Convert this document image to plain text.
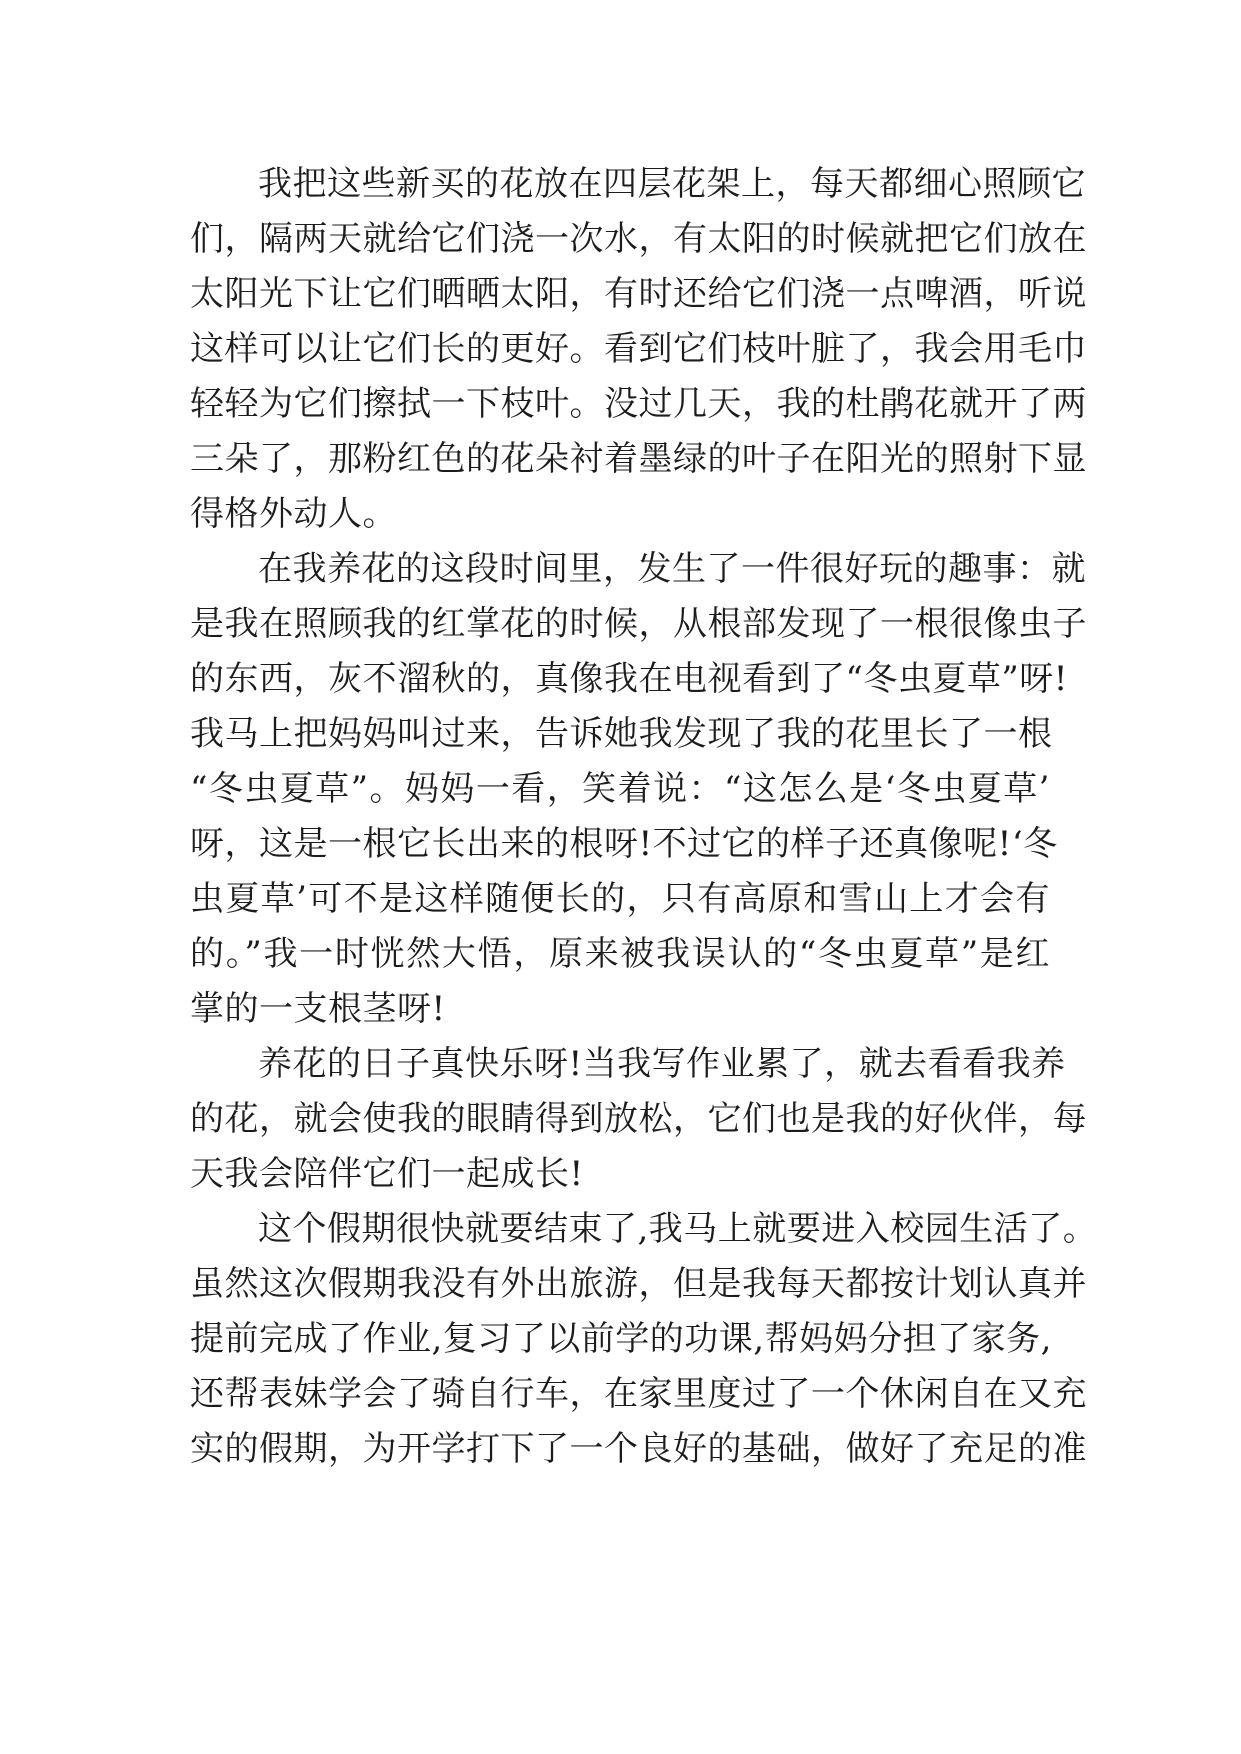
我把这些新买的花放在四层花架上，每天都细心照顾它
们，隔两天就给它们浇一次水，有太阳的时候就把它们放在
太阳光下让它们晒晒太阳，有时还给它们浇一点啤酒，听说
这样可以让它们长的更好。看到它们枝叶脏了，我会用毛巾
轻轻为它们擦拭一下枝叶。没过几天，我的杜鹃花就开了两
三朵了，那粉红色的花朵衬着墨绿的叶子在阳光的照射下显
得格外动人。
在我养花的这段时间里，发生了一件很好玩的趣事：就
是我在照顾我的红掌花的时候，从根部发现了一根很像虫子
的东西，灰不溜秋的，真像我在电视看到了“冬虫夏草”呀!
我马上把妈妈叫过来，告诉她我发现了我的花里长了一根
“冬虫夏草”。妈妈一看，笑着说：“这怎么是‘冬虫夏草’
呀，这是一根它长出来的根呀!不过它的样子还真像呢!‘冬
虫夏草’可不是这样随便长的，只有高原和雪山上才会有
的。”我一时恍然大悟，原来被我误认的“冬虫夏草”是红
掌的一支根茎呀!
养花的日子真快乐呀!当我写作业累了，就去看看我养
的花，就会使我的眼睛得到放松，它们也是我的好伙伴，每
天我会陪伴它们一起成长!
这个假期很快就要结束了,我马上就要进入校园生活了。
虽然这次假期我没有外出旅游，但是我每天都按计划认真并
提前完成了作业,复习了以前学的功课,帮妈妈分担了家务,
还帮表妹学会了骑自行车，在家里度过了一个休闲自在又充
实的假期，为开学打下了一个良好的基础，做好了充足的准
